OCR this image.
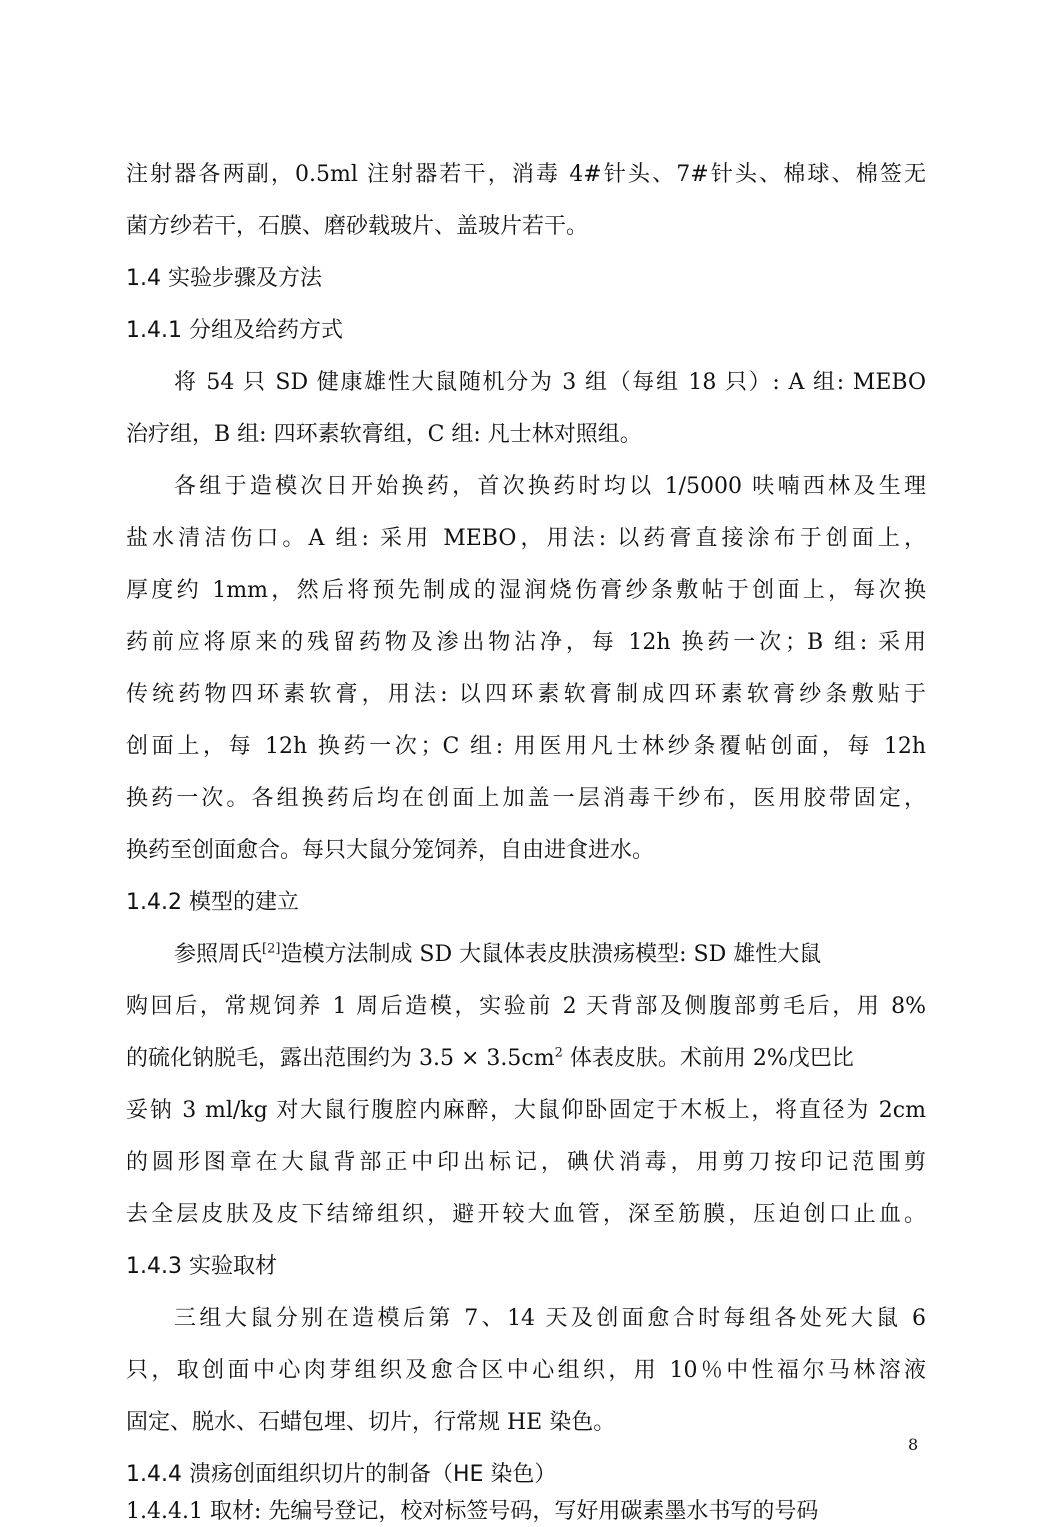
注射器各两副，0.5ml 注射器若干，消毒 4#针头、7#针头、棉球、棉签无
菌方纱若干，石膜、磨砂载玻片、盖玻片若干。
1.4 实验步骤及方法
1.4.1 分组及给药方式
将 54 只 SD 健康雄性大鼠随机分为 3 组（每组 18 只）: A 组: MEBO
治疗组，B 组: 四环素软膏组，C 组: 凡士林对照组。
各组于造模次日开始换药，首次换药时均以 1/5000 呋喃西林及生理
盐水清洁伤口。A 组: 采用 MEBO，用法: 以药膏直接涂布于创面上，
厚度约 1mm，然后将预先制成的湿润烧伤膏纱条敷帖于创面上，每次换
药前应将原来的残留药物及渗出物沾净，每 12h 换药一次；B 组: 采用
传统药物四环素软膏，用法: 以四环素软膏制成四环素软膏纱条敷贴于
创面上，每 12h 换药一次；C 组: 用医用凡士林纱条覆帖创面，每 12h
换药一次。各组换药后均在创面上加盖一层消毒干纱布，医用胶带固定，
换药至创面愈合。每只大鼠分笼饲养，自由进食进水。
1.4.2 模型的建立
参照周氏[2]造模方法制成 SD 大鼠体表皮肤溃疡模型: SD 雄性大鼠
购回后，常规饲养 1 周后造模，实验前 2 天背部及侧腹部剪毛后，用 8%
的硫化钠脱毛，露出范围约为 $3.5 \times 3.5cm^2$ 体表皮肤。术前用 2%戊巴比
妥钠 3 ml/kg 对大鼠行腹腔内麻醉，大鼠仰卧固定于木板上，将直径为 2cm
的圆形图章在大鼠背部正中印出标记，碘伏消毒，用剪刀按印记范围剪
去全层皮肤及皮下结缔组织，避开较大血管，深至筋膜，压迫创口止血。
1.4.3 实验取材
三组大鼠分别在造模后第 7、14 天及创面愈合时每组各处死大鼠 6
只，取创面中心肉芽组织及愈合区中心组织，用 10％中性福尔马林溶液
固定、脱水、石蜡包埋、切片，行常规 HE 染色。
1.4.4 溃疡创面组织切片的制备（HE 染色）
1.4.4.1 取材: 先编号登记，校对标签号码，写好用碳素墨水书写的号码
8
